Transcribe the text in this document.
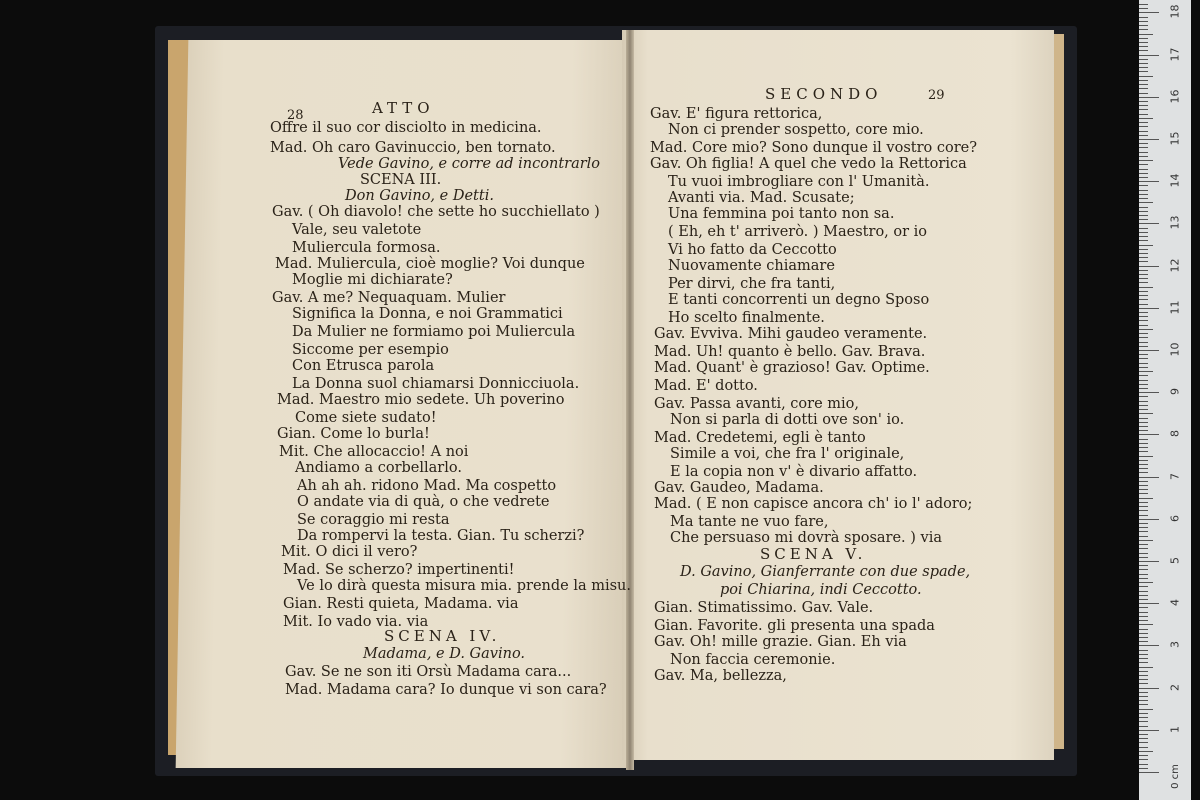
28	ATTO
Offre il suo cor disciolto in medicina.
Mad. Oh caro Gavinuccio, ben tornato.
Vede Gavino, e corre ad incontrarlo
SCENA III.
Don Gavino, e Detti.
Gav. ( Oh diavolo! che sette ho succhiellato )
Vale, seu valetote
Muliercula formosa.
Mad. Muliercula, cioè moglie? Voi dunque
Moglie mi dichiarate?
Gav. A me? Nequaquam. Mulier
Significa la Donna, e noi Grammatici
Da Mulier ne formiamo poi Muliercula
Siccome per esempio
Con Etrusca parola
La Donna suol chiamarsi Donnicciuola.
Mad. Maestro mio sedete. Uh poverino
Come siete sudato!
Gian. Come lo burla!
Mit. Che allocaccio! A noi
Andiamo a corbellarlo.
Ah ah ah. ridono Mad. Ma cospetto
O andate via di quà, o che vedrete
Se coraggio mi resta
Da rompervi la testa. Gian. Tu scherzi?
Mit. O dici il vero?
Mad. Se scherzo? impertinenti!
Ve lo dirà questa misura mia. prende la misu.
Gian. Resti quieta, Madama. via
Mit. Io vado via. via
SCENA IV.
Madama, e D. Gavino.
Gav. Se ne son iti Orsù Madama cara...
Mad. Madama cara? Io dunque vi son cara?
SECONDO	29
Gav. E' figura rettorica,
Non ci prender sospetto, core mio.
Mad. Core mio? Sono dunque il vostro core?
Gav. Oh figlia! A quel che vedo la Rettorica
Tu vuoi imbrogliare con l' Umanità.
Avanti via. Mad. Scusate;
Una femmina poi tanto non sa.
( Eh, eh t' arriverò. ) Maestro, or io
Vi ho fatto da Ceccotto
Nuovamente chiamare
Per dirvi, che fra tanti,
E tanti concorrenti un degno Sposo
Ho scelto finalmente.
Gav. Evviva. Mihi gaudeo veramente.
Mad. Uh! quanto è bello. Gav. Brava.
Mad. Quant' è grazioso! Gav. Optime.
Mad. E' dotto.
Gav. Passa avanti, core mio,
Non si parla di dotti ove son' io.
Mad. Credetemi, egli è tanto
Simile a voi, che fra l' originale,
E la copia non v' è divario affatto.
Gav. Gaudeo, Madama.
Mad. ( E non capisce ancora ch' io l' adoro;
Ma tante ne vuo fare,
Che persuaso mi dovrà sposare. ) via
SCENA V.
D. Gavino, Gianferrante con due spade,
poi Chiarina, indi Ceccotto.
Gian. Stimatissimo. Gav. Vale.
Gian. Favorite. gli presenta una spada
Gav. Oh! mille grazie. Gian. Eh via
Non faccia ceremonie.
Gav. Ma, bellezza,
0 cm
1
2
3
4
5
6
7
8
9
10
11
12
13
14
15
16
17
18
